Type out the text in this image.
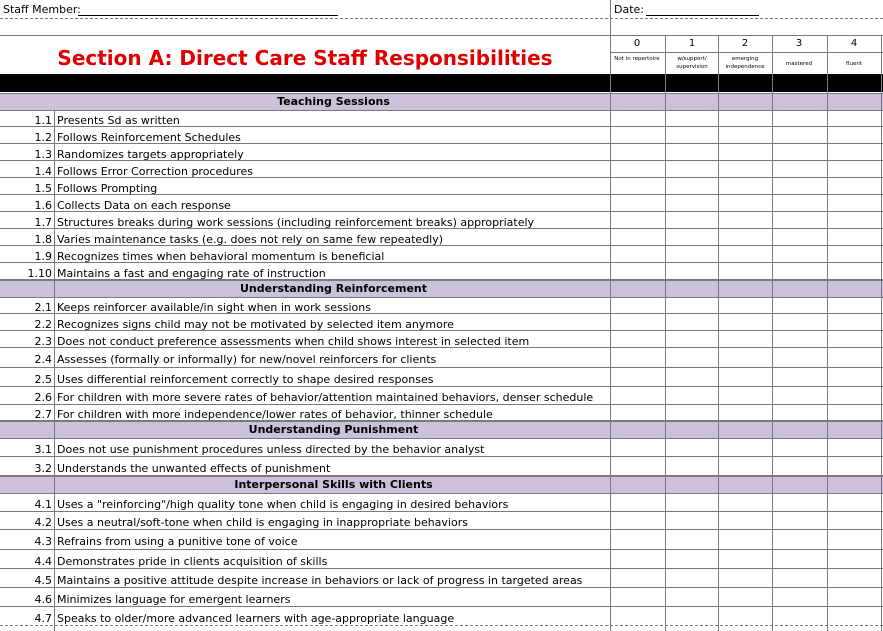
Staff Member:	Date:
Section A: Direct Care Staff Responsibilities
0
Not in repertoire
1
w/support/ supervision
2
emerging independence
3
mastered
4
fluent
Teaching Sessions
1.1 Presents Sd as written
1.2 Follows Reinforcement Schedules
1.3 Randomizes targets appropriately
1.4 Follows Error Correction procedures
1.5 Follows Prompting
1.6 Collects Data on each response
1.7 Structures breaks during work sessions (including reinforcement breaks) appropriately
1.8 Varies maintenance tasks (e.g. does not rely on same few repeatedly)
1.9 Recognizes times when behavioral momentum is beneficial
1.10 Maintains a fast and engaging rate of instruction
Understanding Reinforcement
2.1 Keeps reinforcer available/in sight when in work sessions
2.2 Recognizes signs child may not be motivated by selected item anymore
2.3 Does not conduct preference assessments when child shows interest in selected item
2.4 Assesses (formally or informally) for new/novel reinforcers for clients
2.5 Uses differential reinforcement correctly to shape desired responses
2.6 For children with more severe rates of behavior/attention maintained behaviors, denser schedule
2.7 For children with more independence/lower rates of behavior, thinner schedule
Understanding Punishment
3.1 Does not use punishment procedures unless directed by the behavior analyst
3.2 Understands the unwanted effects of punishment
Interpersonal Skills with Clients
4.1 Uses a "reinforcing"/high quality tone when child is engaging in desired behaviors
4.2 Uses a neutral/soft-tone when child is engaging in inappropriate behaviors
4.3 Refrains from using a punitive tone of voice
4.4 Demonstrates pride in clients acquisition of skills
4.5 Maintains a positive attitude despite increase in behaviors or lack of progress in targeted areas
4.6 Minimizes language for emergent learners
4.7 Speaks to older/more advanced learners with age-appropriate language
